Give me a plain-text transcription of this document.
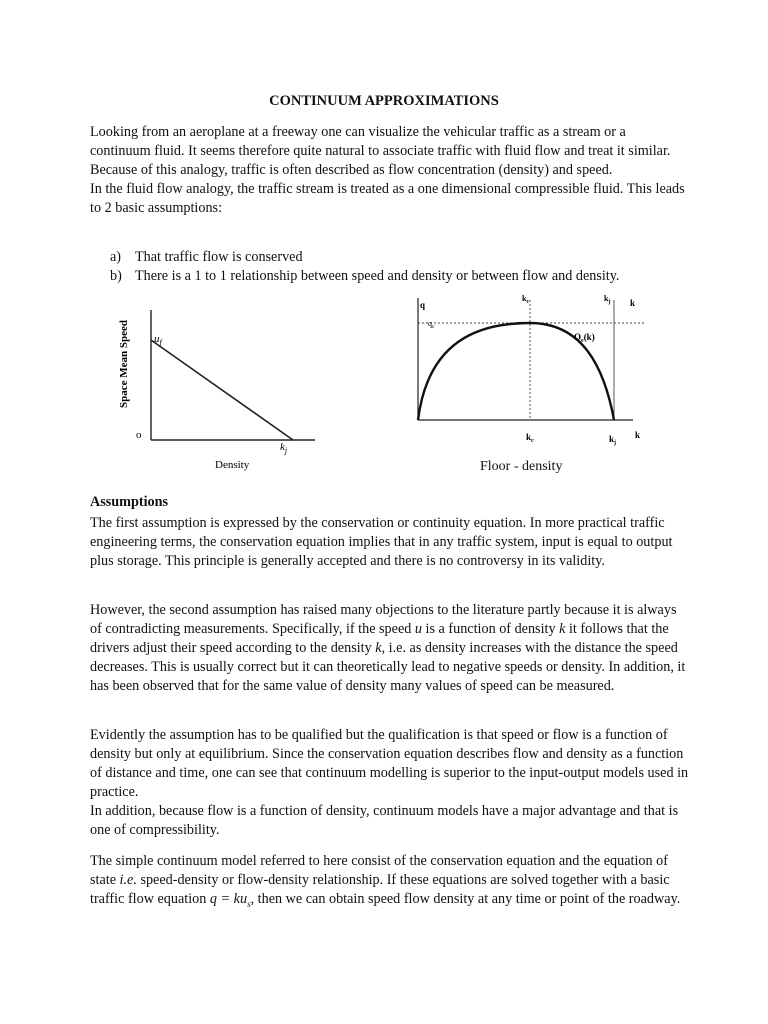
CONTINUUM APPROXIMATIONS

Looking from an aeroplane at a freeway one can visualize the vehicular traffic as a stream or a continuum fluid. It seems therefore quite natural to associate traffic with fluid flow and treat it similar. Because of this analogy, traffic is often described as flow concentration (density) and speed.

In the fluid flow analogy, the traffic stream is treated as a one dimensional compressible fluid. This leads to 2 basic assumptions:

a) That traffic flow is conserved
b) There is a 1 to 1 relationship between speed and density or between flow and density.
Space Mean Speed
o
$u_f$
$k_j$
Density
q
$q_c$
$k_c$	$k_j$ k
$Q_e(k)$
$k_c$	$k_j$
k
Floor - density
Assumptions
The first assumption is expressed by the conservation or continuity equation. In more practical traffic engineering terms, the conservation equation implies that in any traffic system, input is equal to output plus storage. This principle is generally accepted and there is no controversy in its validity.
However, the second assumption has raised many objections to the literature partly because it is always of contradicting measurements. Specifically, if the speed u is a function of density k it follows that the drivers adjust their speed according to the density k, i.e. as density increases with the distance the speed decreases. This is usually correct but it can theoretically lead to negative speeds or density. In addition, it has been observed that for the same value of density many values of speed can be measured.

Evidently the assumption has to be qualified but the qualification is that speed or flow is a function of density but only at equilibrium. Since the conservation equation describes flow and density as a function of distance and time, one can see that continuum modelling is superior to the input-output models used in practice.

In addition, because flow is a function of density, continuum models have a major advantage and that is one of compressibility.

The simple continuum model referred to here consist of the conservation equation and the equation of state i.e. speed-density or flow-density relationship. If these equations are solved together with a basic traffic flow equation $q = ku_s$, then we can obtain speed flow density at any time or point of the roadway.
